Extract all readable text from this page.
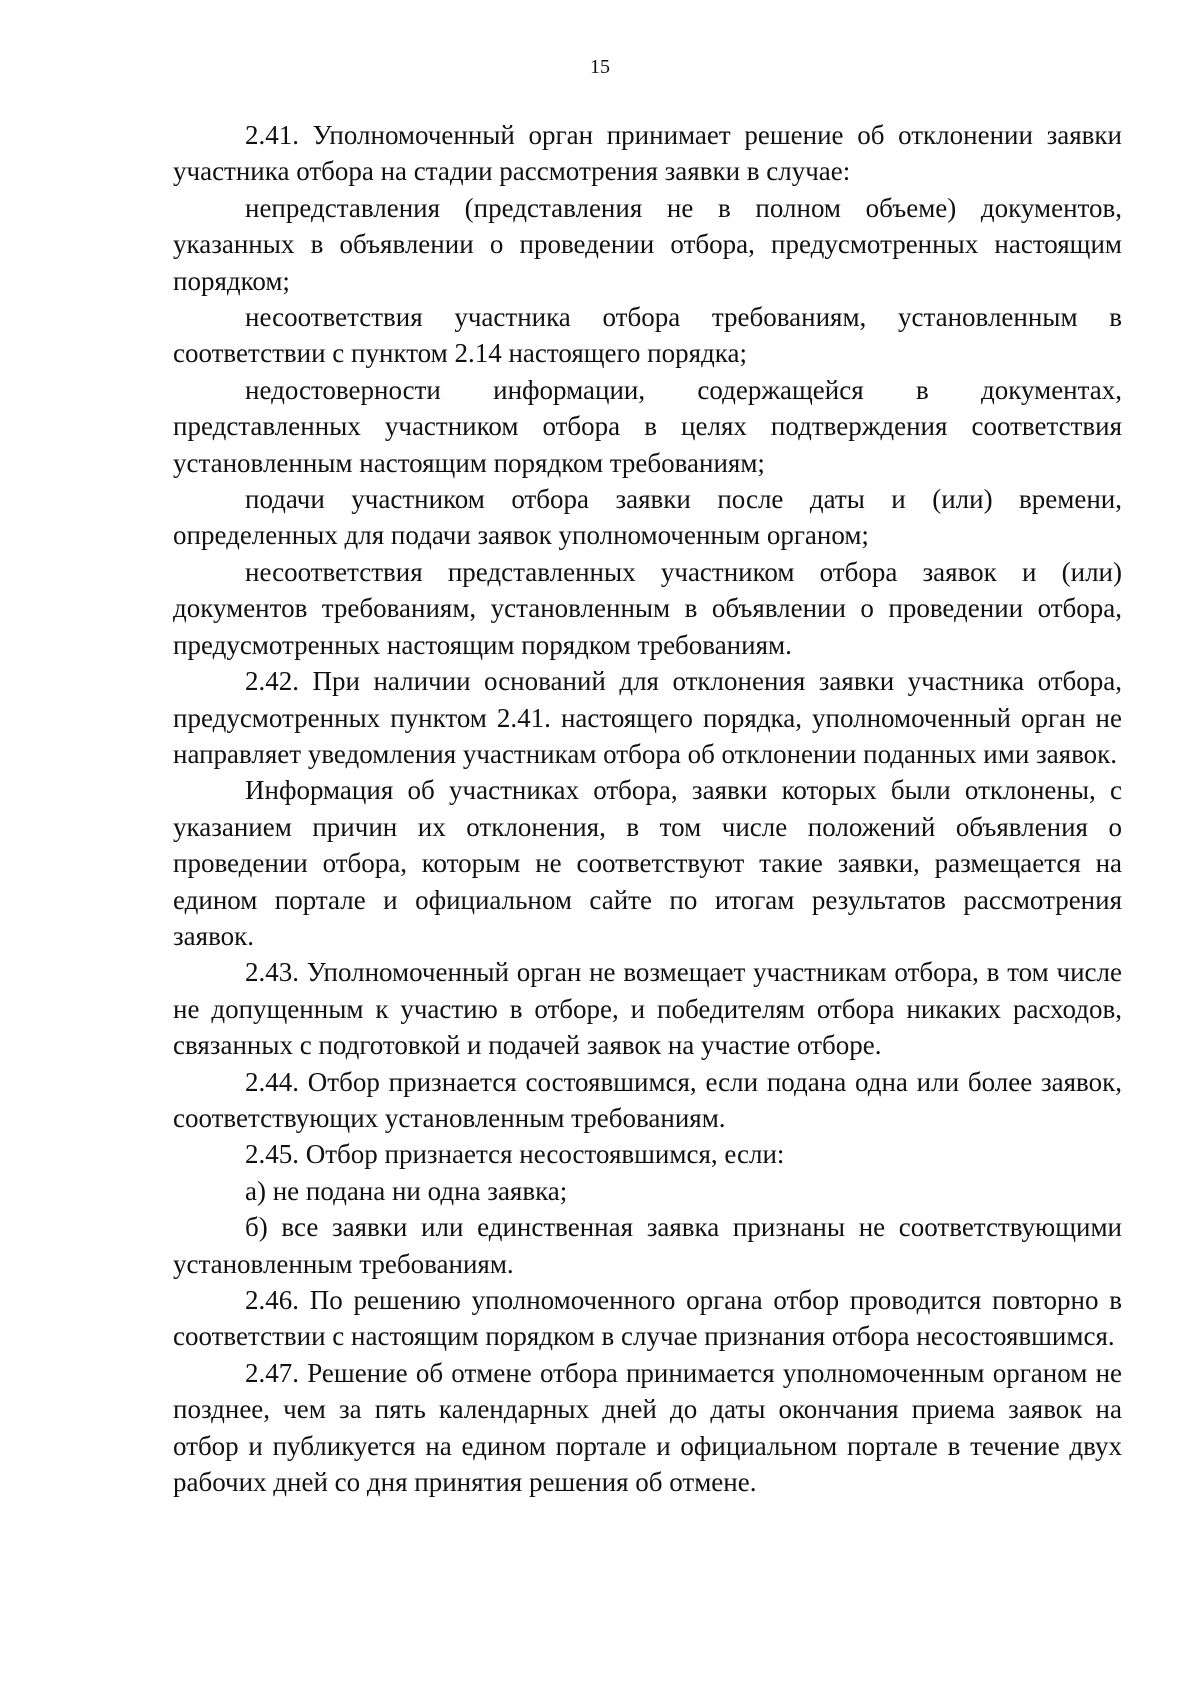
15

2.41. Уполномоченный орган принимает решение об отклонении заявки участника отбора на стадии рассмотрения заявки в случае:

непредставления (представления не в полном объеме) документов, указанных в объявлении о проведении отбора, предусмотренных настоящим порядком;

несоответствия участника отбора требованиям, установленным в соответствии с пунктом 2.14 настоящего порядка;

недостоверности информации, содержащейся в документах, представленных участником отбора в целях подтверждения соответствия установленным настоящим порядком требованиям;

подачи участником отбора заявки после даты и (или) времени, определенных для подачи заявок уполномоченным органом;

несоответствия представленных участником отбора заявок и (или) документов требованиям, установленным в объявлении о проведении отбора, предусмотренных настоящим порядком требованиям.

2.42. При наличии оснований для отклонения заявки участника отбора, предусмотренных пунктом 2.41. настоящего порядка, уполномоченный орган не направляет уведомления участникам отбора об отклонении поданных ими заявок.

Информация об участниках отбора, заявки которых были отклонены, с указанием причин их отклонения, в том числе положений объявления о проведении отбора, которым не соответствуют такие заявки, размещается на едином портале и официальном сайте по итогам результатов рассмотрения заявок.

2.43. Уполномоченный орган не возмещает участникам отбора, в том числе не допущенным к участию в отборе, и победителям отбора никаких расходов, связанных с подготовкой и подачей заявок на участие отборе.

2.44. Отбор признается состоявшимся, если подана одна или более заявок, соответствующих установленным требованиям.

2.45. Отбор признается несостоявшимся, если:

а) не подана ни одна заявка;

б) все заявки или единственная заявка признаны не соответствующими установленным требованиям.

2.46. По решению уполномоченного органа отбор проводится повторно в соответствии с настоящим порядком в случае признания отбора несостоявшимся.

2.47. Решение об отмене отбора принимается уполномоченным органом не позднее, чем за пять календарных дней до даты окончания приема заявок на отбор и публикуется на едином портале и официальном портале в течение двух рабочих дней со дня принятия решения об отмене.
